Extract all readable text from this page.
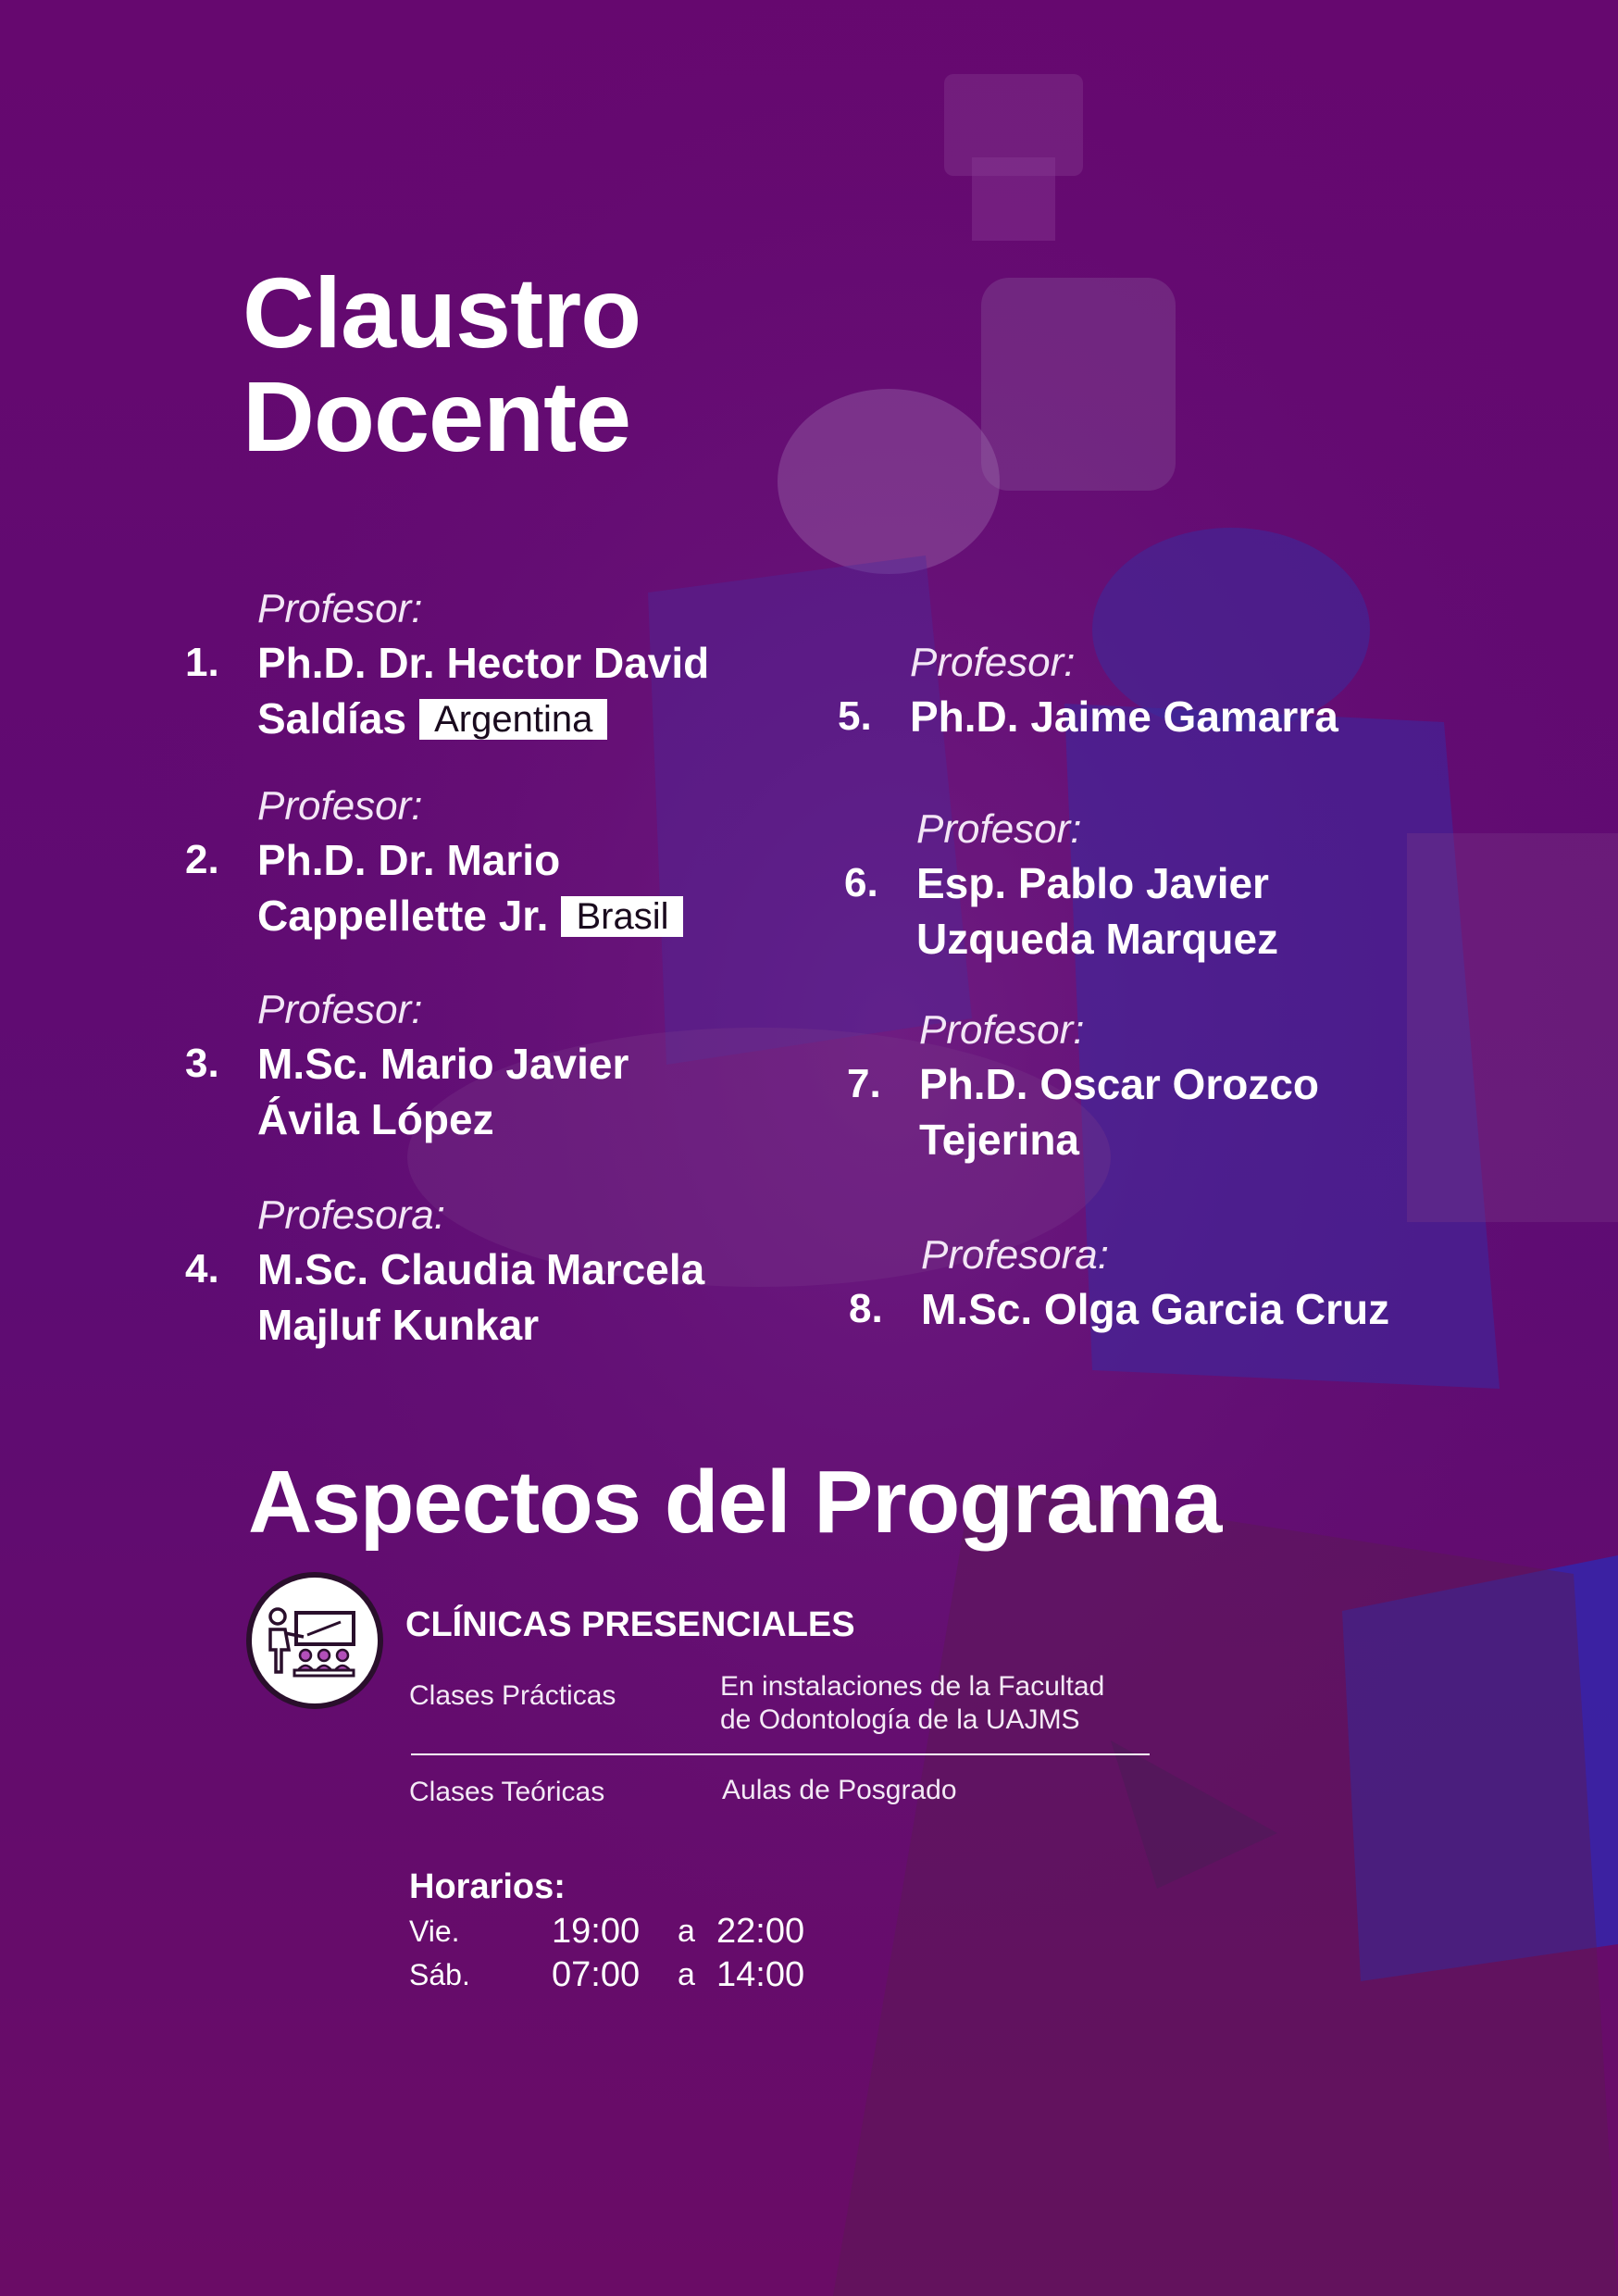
Claustro
Docente
Profesor:
1. Ph.D. Dr. Hector David
Saldías Argentina
Profesor:
2. Ph.D. Dr. Mario
Cappellette Jr. Brasil
Profesor:
3. M.Sc. Mario Javier
Ávila López
Profesora:
4. M.Sc. Claudia Marcela
Majluf Kunkar
Profesor:
5. Ph.D. Jaime Gamarra
Profesor:
6. Esp. Pablo Javier
Uzqueda Marquez
Profesor:
7. Ph.D. Oscar Orozco
Tejerina
Profesora:
8. M.Sc. Olga Garcia Cruz
Aspectos del Programa
CLÍNICAS PRESENCIALES
Clases Prácticas	En instalaciones de la Facultad
de Odontología de la UAJMS
Clases Teóricas	Aulas de Posgrado
Horarios:
Vie.	19:00 a 22:00
Sáb. 07:00 a 14:00
